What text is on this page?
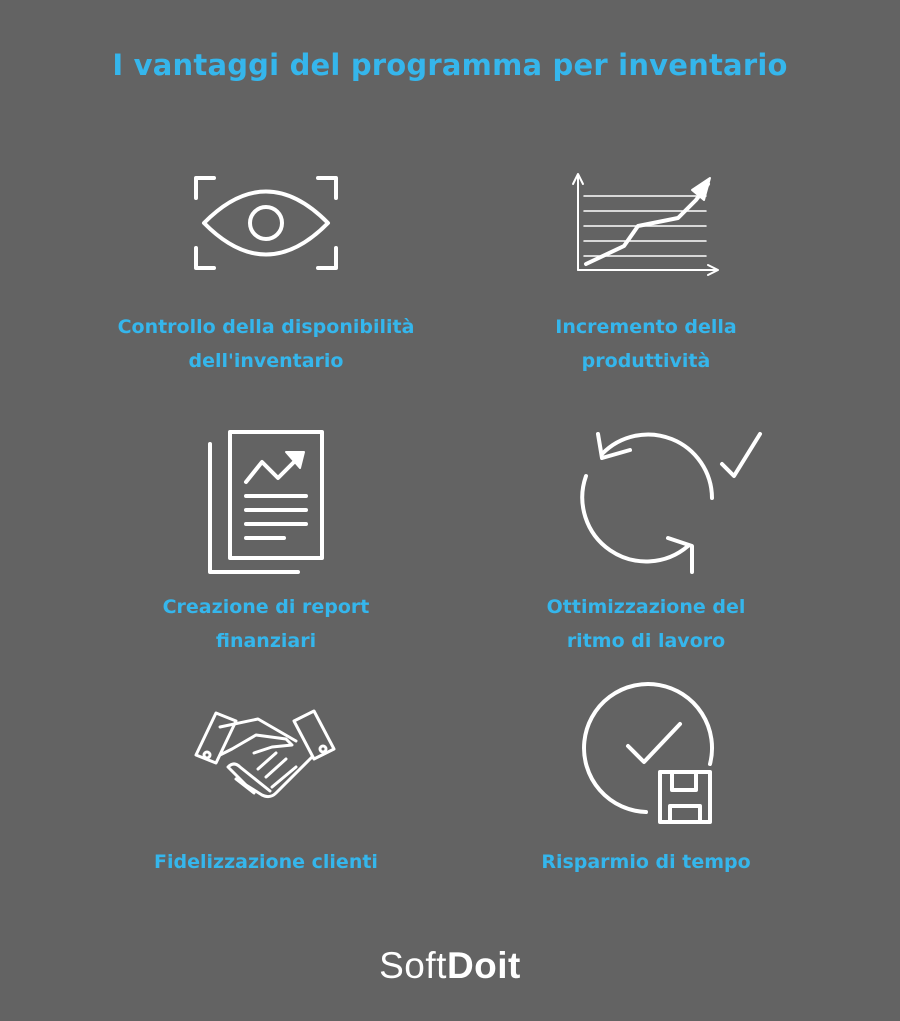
I vantaggi del programma per inventario
Controllo della disponibilità
dell'inventario
Incremento della
produttività
Creazione di report
finanziari
Ottimizzazione del
ritmo di lavoro
Fidelizzazione clienti	Risparmio di tempo
SoftDoit
